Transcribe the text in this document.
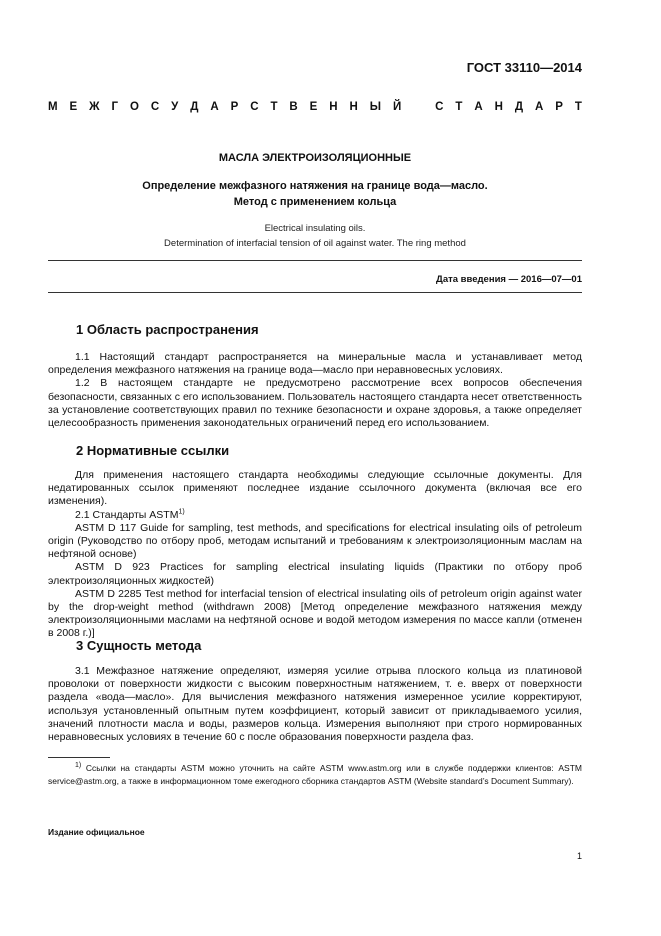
ГОСТ 33110—2014
М Е Ж Г О С У Д А Р С Т В Е Н Н Ы Й	С Т А Н Д А Р Т
МАСЛА ЭЛЕКТРОИЗОЛЯЦИОННЫЕ
Определение межфазного натяжения на границе вода—масло.
Метод с применением кольца
Electrical insulating oils.
Determination of interfacial tension of oil against water. The ring method
Дата введения — 2016—07—01
1 Область распространения

1.1 Настоящий стандарт распространяется на минеральные масла и устанавливает метод определения межфазного натяжения на границе вода—масло при неравновесных условиях.

1.2 В настоящем стандарте не предусмотрено рассмотрение всех вопросов обеспечения безопасности, связанных с его использованием. Пользователь настоящего стандарта несет ответственность за установление соответствующих правил по технике безопасности и охране здоровья, а также определяет целесообразность применения законодательных ограничений перед его использованием.

2 Нормативные ссылки

Для применения настоящего стандарта необходимы следующие ссылочные документы. Для недатированных ссылок применяют последнее издание ссылочного документа (включая все его изменения).

2.1 Стандарты ASTM$^{1)}$

ASTM D 117 Guide for sampling, test methods, and specifications for electrical insulating oils of petroleum origin (Руководство по отбору проб, методам испытаний и требованиям к электроизоляционным маслам на нефтяной основе)

ASTM D 923 Practices for sampling electrical insulating liquids (Практики по отбору проб электроизоляционных жидкостей)

ASTM D 2285 Test method for interfacial tension of electrical insulating oils of petroleum origin against water by the drop-weight method (withdrawn 2008) [Метод определение межфазного натяжения между электроизоляционными маслами на нефтяной основе и водой методом измерения по массе капли (отменен в 2008 г.)]

3 Сущность метода

3.1 Межфазное натяжение определяют, измеряя усилие отрыва плоского кольца из платиновой проволоки от поверхности жидкости с высоким поверхностным натяжением, т. е. вверх от поверхности раздела «вода—масло». Для вычисления межфазного натяжения измеренное усилие корректируют, используя установленный опытным путем коэффициент, который зависит от прикладываемого усилия, значений плотности масла и воды, размеров кольца. Измерения выполняют при строго нормированных неравновесных условиях в течение 60 с после образования поверхности раздела фаз.

$^{1)}$ Ссылки на стандарты ASTM можно уточнить на сайте ASTM www.astm.org или в службе поддержки клиентов: ASTM service@astm.org, а также в информационном томе ежегодного сборника стандартов ASTM (Website standard’s Document Summary).

Издание официальное
1
